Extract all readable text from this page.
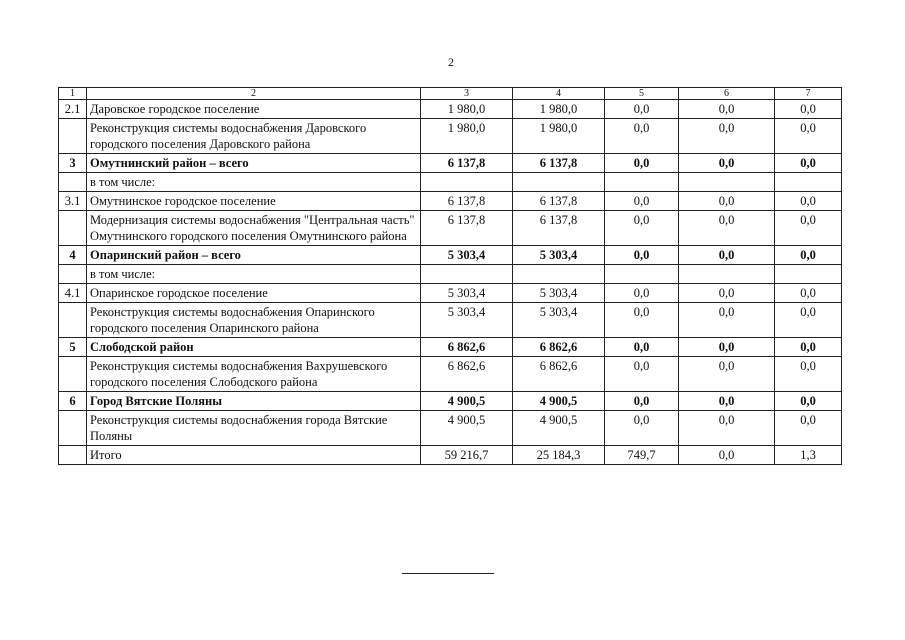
2
1	2	3	4	5	6	7
2.1	Даровское городское поселение	1 980,0	1 980,0	0,0	0,0	0,0
	Реконструкция системы водоснабжения Даровского городского поселения Даровского района	1 980,0	1 980,0	0,0	0,0	0,0
3	Омутнинский район – всего	6 137,8	6 137,8	0,0	0,0	0,0
	в том числе:					
3.1	Омутнинское городское поселение	6 137,8	6 137,8	0,0	0,0	0,0
	Модернизация системы водоснабжения "Центральная часть" Омутнинского городского поселения Омутнинского района	6 137,8	6 137,8	0,0	0,0	0,0
4	Опаринский район – всего	5 303,4	5 303,4	0,0	0,0	0,0
	в том числе:					
4.1	Опаринское городское поселение	5 303,4	5 303,4	0,0	0,0	0,0
	Реконструкция системы водоснабжения Опаринского городского поселения Опаринского района	5 303,4	5 303,4	0,0	0,0	0,0
5	Слободской район	6 862,6	6 862,6	0,0	0,0	0,0
	Реконструкция системы водоснабжения Вахрушевского городского поселения Слободского района	6 862,6	6 862,6	0,0	0,0	0,0
6	Город Вятские Поляны	4 900,5	4 900,5	0,0	0,0	0,0
	Реконструкция системы водоснабжения города Вятские Поляны	4 900,5	4 900,5	0,0	0,0	0,0
	Итого	59 216,7	25 184,3	749,7	0,0	1,3
